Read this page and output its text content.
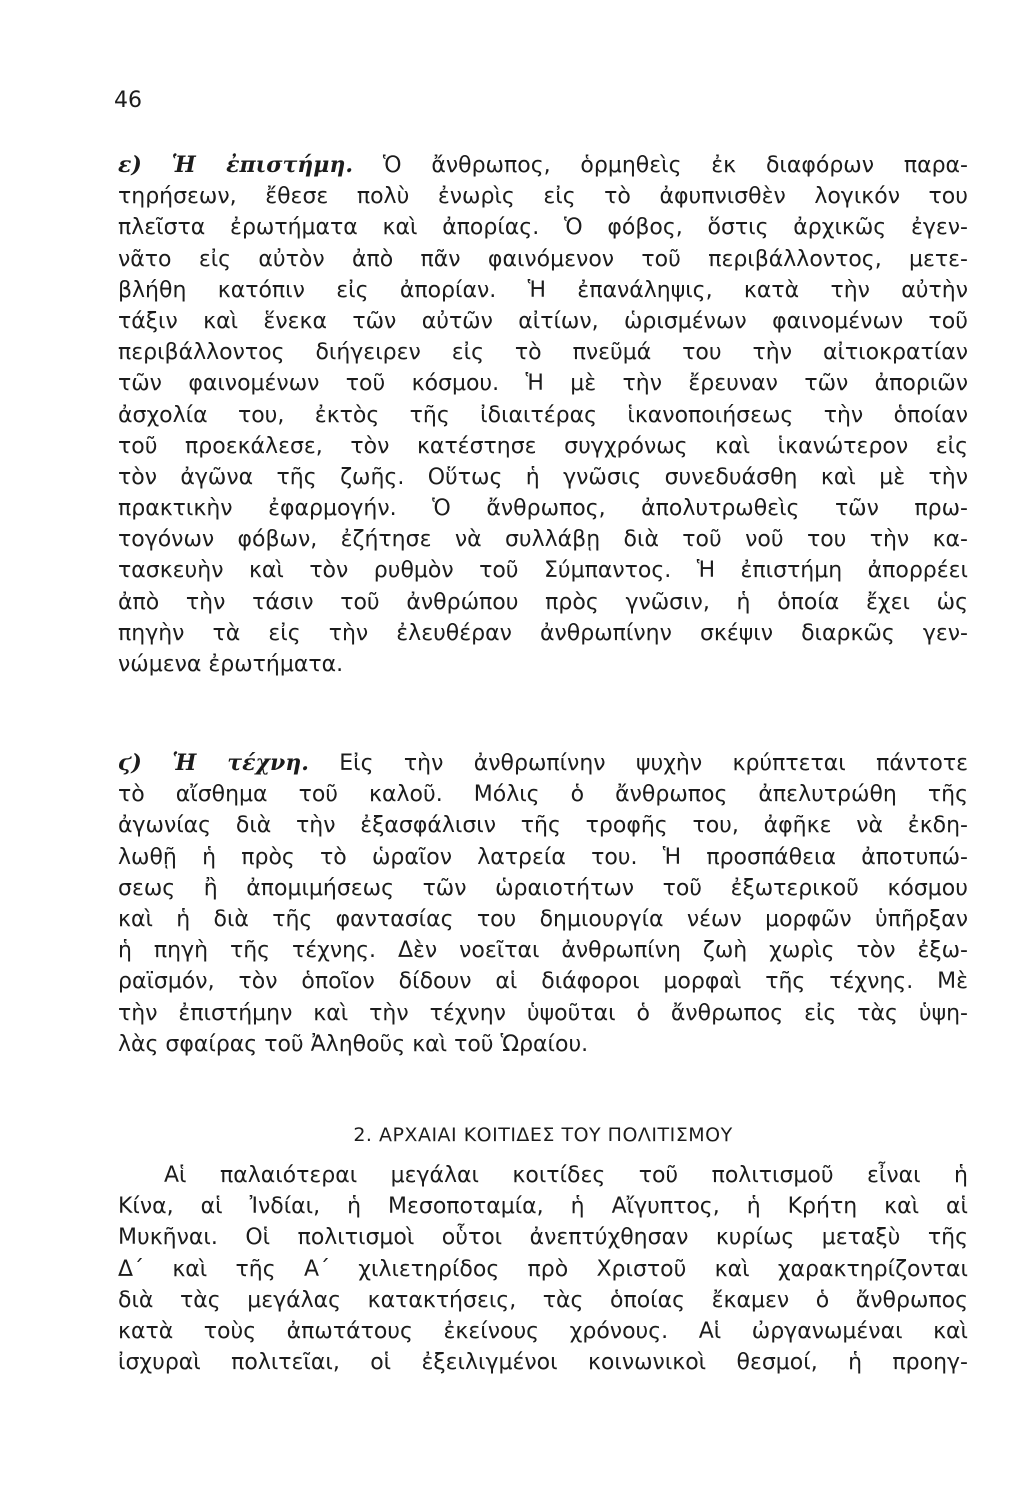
46

ε) Ἡ ἐπιστήμη. Ὁ ἄνθρωπος, ὁρμηθεὶς ἐκ διαφόρων παρα-
τηρήσεων, ἔθεσε πολὺ ἐνωρὶς εἰς τὸ ἀφυπνισθὲν λογικόν του
πλεῖστα ἐρωτήματα καὶ ἀπορίας. Ὁ φόβος, ὅστις ἀρχικῶς ἐγεν-
νᾶτο εἰς αὐτὸν ἀπὸ πᾶν φαινόμενον τοῦ περιβάλλοντος, μετε-
βλήθη κατόπιν εἰς ἀπορίαν. Ἡ ἐπανάληψις, κατὰ τὴν αὐτὴν
τάξιν καὶ ἕνεκα τῶν αὐτῶν αἰτίων, ὡρισμένων φαινομένων τοῦ
περιβάλλοντος διήγειρεν εἰς τὸ πνεῦμά του τὴν αἰτιοκρατίαν
τῶν φαινομένων τοῦ κόσμου. Ἡ μὲ τὴν ἔρευναν τῶν ἀποριῶν
ἀσχολία του, ἐκτὸς τῆς ἰδιαιτέρας ἱκανοποιήσεως τὴν ὁποίαν
τοῦ προεκάλεσε, τὸν κατέστησε συγχρόνως καὶ ἱκανώτερον εἰς
τὸν ἀγῶνα τῆς ζωῆς. Οὕτως ἡ γνῶσις συνεδυάσθη καὶ μὲ τὴν
πρακτικὴν ἐφαρμογήν. Ὁ ἄνθρωπος, ἀπολυτρωθεὶς τῶν πρω-
τογόνων φόβων, ἐζήτησε νὰ συλλάβῃ διὰ τοῦ νοῦ του τὴν κα-
τασκευὴν καὶ τὸν ρυθμὸν τοῦ Σύμπαντος. Ἡ ἐπιστήμη ἀπορρέει
ἀπὸ τὴν τάσιν τοῦ ἀνθρώπου πρὸς γνῶσιν, ἡ ὁποία ἔχει ὡς
πηγὴν τὰ εἰς τὴν ἐλευθέραν ἀνθρωπίνην σκέψιν διαρκῶς γεν-
νώμενα ἐρωτήματα.
ϛ) Ἡ τέχνη. Εἰς τὴν ἀνθρωπίνην ψυχὴν κρύπτεται πάντοτε
τὸ αἴσθημα τοῦ καλοῦ. Μόλις ὁ ἄνθρωπος ἀπελυτρώθη τῆς
ἀγωνίας διὰ τὴν ἐξασφάλισιν τῆς τροφῆς του, ἀφῆκε νὰ ἐκδη-
λωθῇ ἡ πρὸς τὸ ὡραῖον λατρεία του. Ἡ προσπάθεια ἀποτυπώ-
σεως ἢ ἀπομιμήσεως τῶν ὡραιοτήτων τοῦ ἐξωτερικοῦ κόσμου
καὶ ἡ διὰ τῆς φαντασίας του δημιουργία νέων μορφῶν ὑπῆρξαν
ἡ πηγὴ τῆς τέχνης. Δὲν νοεῖται ἀνθρωπίνη ζωὴ χωρὶς τὸν ἐξω-
ραϊσμόν, τὸν ὁποῖον δίδουν αἱ διάφοροι μορφαὶ τῆς τέχνης. Μὲ
τὴν ἐπιστήμην καὶ τὴν τέχνην ὑψοῦται ὁ ἄνθρωπος εἰς τὰς ὑψη-
λὰς σφαίρας τοῦ Ἀληθοῦς καὶ τοῦ Ὡραίου.

2. ΑΡΧΑΙΑΙ ΚΟΙΤΙΔΕΣ ΤΟΥ ΠΟΛΙΤΙΣΜΟΥ

Αἱ παλαιότεραι μεγάλαι κοιτίδες τοῦ πολιτισμοῦ εἶναι ἡ
Κίνα, αἱ Ἰνδίαι, ἡ Μεσοποταμία, ἡ Αἴγυπτος, ἡ Κρήτη καὶ αἱ
Μυκῆναι. Οἱ πολιτισμοὶ οὗτοι ἀνεπτύχθησαν κυρίως μεταξὺ τῆς
Δ΄ καὶ τῆς Α΄ χιλιετηρίδος πρὸ Χριστοῦ καὶ χαρακτηρίζονται
διὰ τὰς μεγάλας κατακτήσεις, τὰς ὁποίας ἔκαμεν ὁ ἄνθρωπος
κατὰ τοὺς ἀπωτάτους ἐκείνους χρόνους. Αἱ ὠργανωμέναι καὶ
ἰσχυραὶ πολιτεῖαι, οἱ ἐξειλιγμένοι κοινωνικοὶ θεσμοί, ἡ προηγ-
